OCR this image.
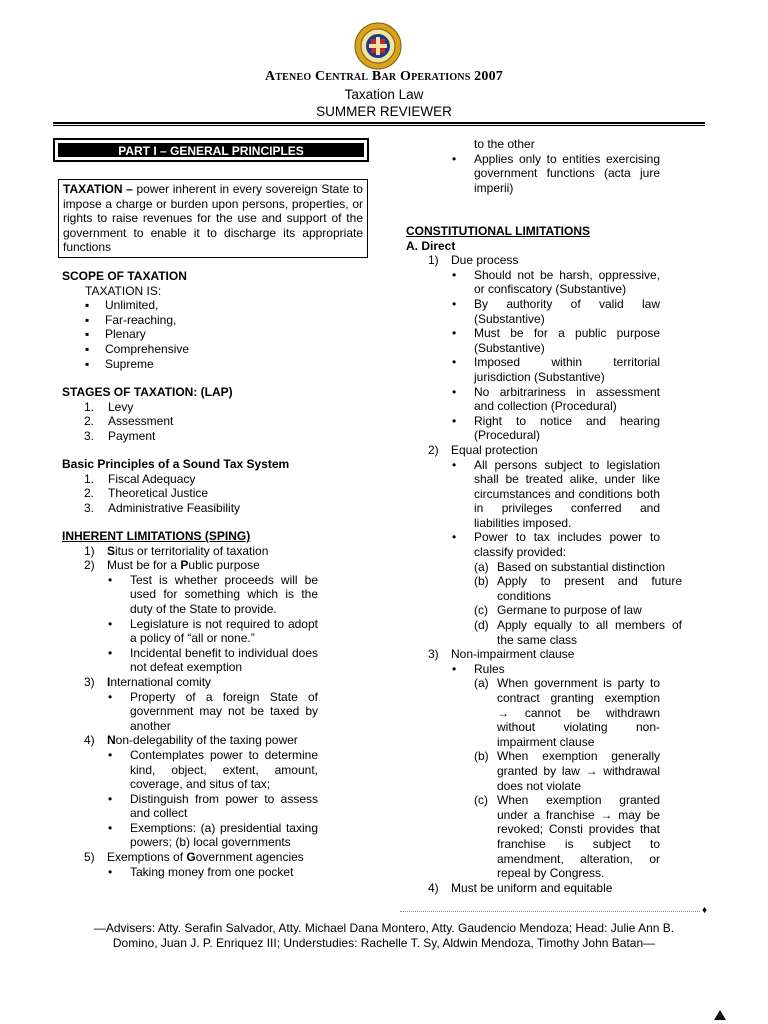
Ateneo Central Bar Operations 2007
Taxation Law
SUMMER REVIEWER
PART I – GENERAL PRINCIPLES
TAXATION – power inherent in every sovereign State to impose a charge or burden upon persons, properties, or rights to raise revenues for the use and support of the government to enable it to discharge its appropriate functions
SCOPE OF TAXATION
TAXATION IS:
▪ Unlimited,
▪ Far-reaching,
▪ Plenary
▪ Comprehensive
▪ Supreme
STAGES OF TAXATION: (LAP)
1. Levy
2. Assessment
3. Payment
Basic Principles of a Sound Tax System
1. Fiscal Adequacy
2. Theoretical Justice
3. Administrative Feasibility
INHERENT LIMITATIONS (SPING)
1) Situs or territoriality of taxation
2) Must be for a Public purpose
• Test is whether proceeds will be used for something which is the duty of the State to provide.
• Legislature is not required to adopt a policy of “all or none.”
• Incidental benefit to individual does not defeat exemption
3) International comity
• Property of a foreign State of government may not be taxed by another
4) Non-delegability of the taxing power
• Contemplates power to determine kind, object, extent, amount, coverage, and situs of tax;
• Distinguish from power to assess and collect
• Exemptions: (a) presidential taxing powers; (b) local governments
5) Exemptions of Government agencies
• Taking money from one pocket
to the other
• Applies only to entities exercising government functions (acta jure imperii)
CONSTITUTIONAL LIMITATIONS
A. Direct
1) Due process
• Should not be harsh, oppressive, or confiscatory (Substantive)
• By authority of valid law (Substantive)
• Must be for a public purpose (Substantive)
• Imposed within territorial jurisdiction (Substantive)
• No arbitrariness in assessment and collection (Procedural)
• Right to notice and hearing (Procedural)
2) Equal protection
• All persons subject to legislation shall be treated alike, under like circumstances and conditions both in privileges conferred and liabilities imposed.
• Power to tax includes power to classify provided:
(a) Based on substantial distinction
(b) Apply to present and future conditions
(c) Germane to purpose of law
(d) Apply equally to all members of the same class
3) Non-impairment clause
• Rules
(a) When government is party to contract granting exemption → cannot be withdrawn without violating non-impairment clause
(b) When exemption generally granted by law → withdrawal does not violate
(c) When exemption granted under a franchise → may be revoked; Consti provides that franchise is subject to amendment, alteration, or repeal by Congress.
4) Must be uniform and equitable
♦
—Advisers: Atty. Serafin Salvador, Atty. Michael Dana Montero, Atty. Gaudencio Mendoza; Head: Julie Ann B.
Domino, Juan J. P. Enriquez III; Understudies: Rachelle T. Sy, Aldwin Mendoza, Timothy John Batan—
